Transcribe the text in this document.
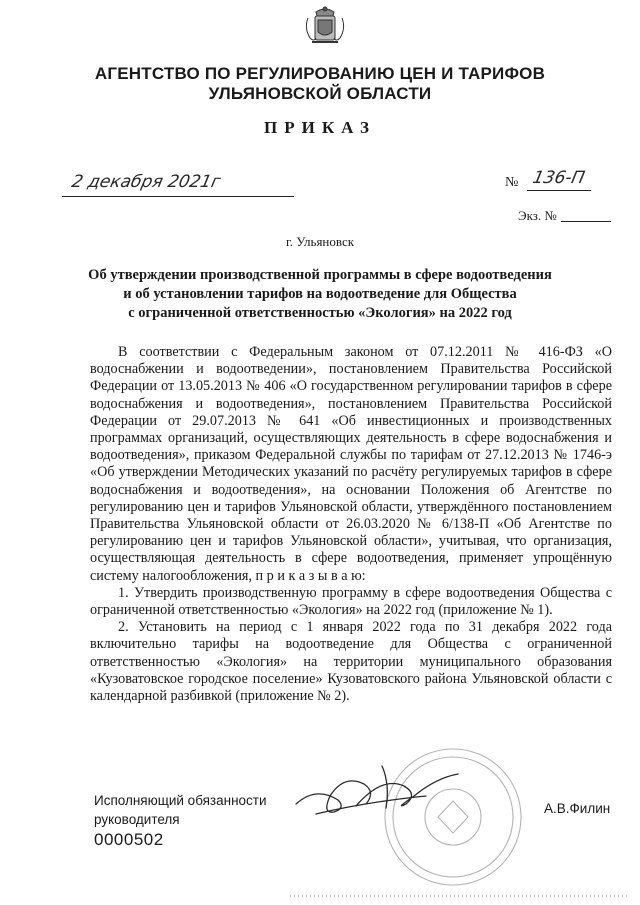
АГЕНТСТВО ПО РЕГУЛИРОВАНИЮ ЦЕН И ТАРИФОВ
УЛЬЯНОВСКОЙ ОБЛАСТИ
ПРИКАЗ
2 декабря 2021г	№ 136-П
Экз. №
г. Ульяновск
Об утверждении производственной программы в сфере водоотведения
и об установлении тарифов на водоотведение для Общества
с ограниченной ответственностью «Экология» на 2022 год

В соответствии с Федеральным законом от 07.12.2011 № 416-ФЗ «О водоснабжении и водоотведении», постановлением Правительства Российской Федерации от 13.05.2013 № 406 «О государственном регулировании тарифов в сфере водоснабжения и водоотведения», постановлением Правительства Российской Федерации от 29.07.2013 № 641 «Об инвестиционных и производственных программах организаций, осуществляющих деятельность в сфере водоснабжения и водоотведения», приказом Федеральной службы по тарифам от 27.12.2013 № 1746-э «Об утверждении Методических указаний по расчёту регулируемых тарифов в сфере водоснабжения и водоотведения», на основании Положения об Агентстве по регулированию цен и тарифов Ульяновской области, утверждённого постановлением Правительства Ульяновской области от 26.03.2020 № 6/138-П «Об Агентстве по регулированию цен и тарифов Ульяновской области», учитывая, что организация, осуществляющая деятельность в сфере водоотведения, применяет упрощённую систему налогообложения, п р и к а з ы в а ю:

1. Утвердить производственную программу в сфере водоотведения Общества с ограниченной ответственностью «Экология» на 2022 год (приложение № 1).

2. Установить на период с 1 января 2022 года по 31 декабря 2022 года включительно тарифы на водоотведение для Общества с ограниченной ответственностью «Экология» на территории муниципального образования «Кузоватовское городское поселение» Кузоватовского района Ульяновской области с календарной разбивкой (приложение № 2).

Исполняющий обязанности
руководителя
А.В.Филин
0000502
